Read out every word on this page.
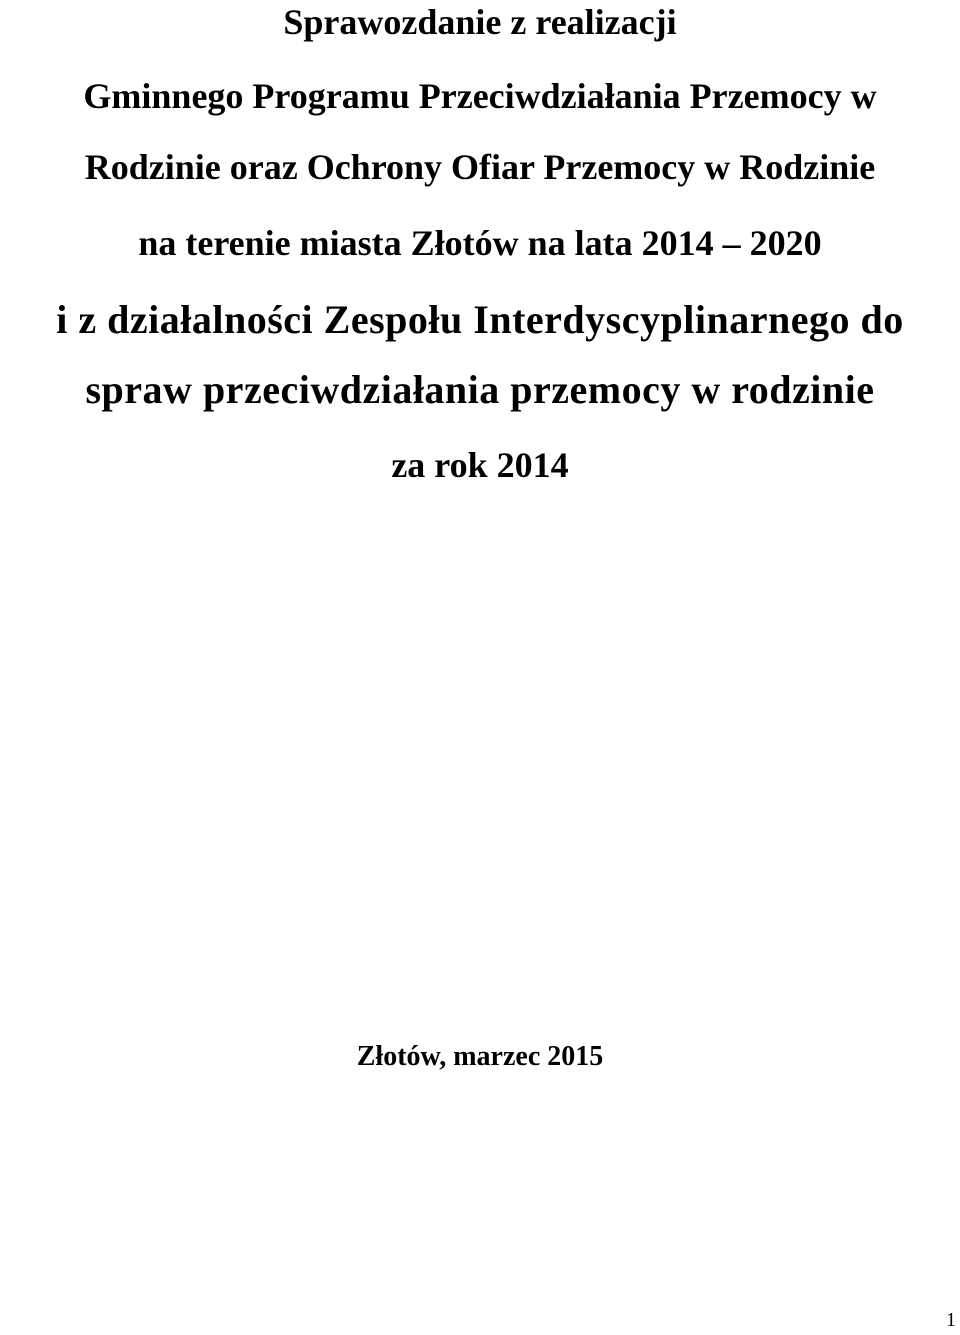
Sprawozdanie z realizacji
Gminnego Programu Przeciwdziałania Przemocy w
Rodzinie oraz Ochrony Ofiar Przemocy w Rodzinie
na terenie miasta Złotów na lata 2014 – 2020
i z działalności Zespołu Interdyscyplinarnego do
spraw przeciwdziałania przemocy w rodzinie
za rok 2014
Złotów, marzec 2015
1
